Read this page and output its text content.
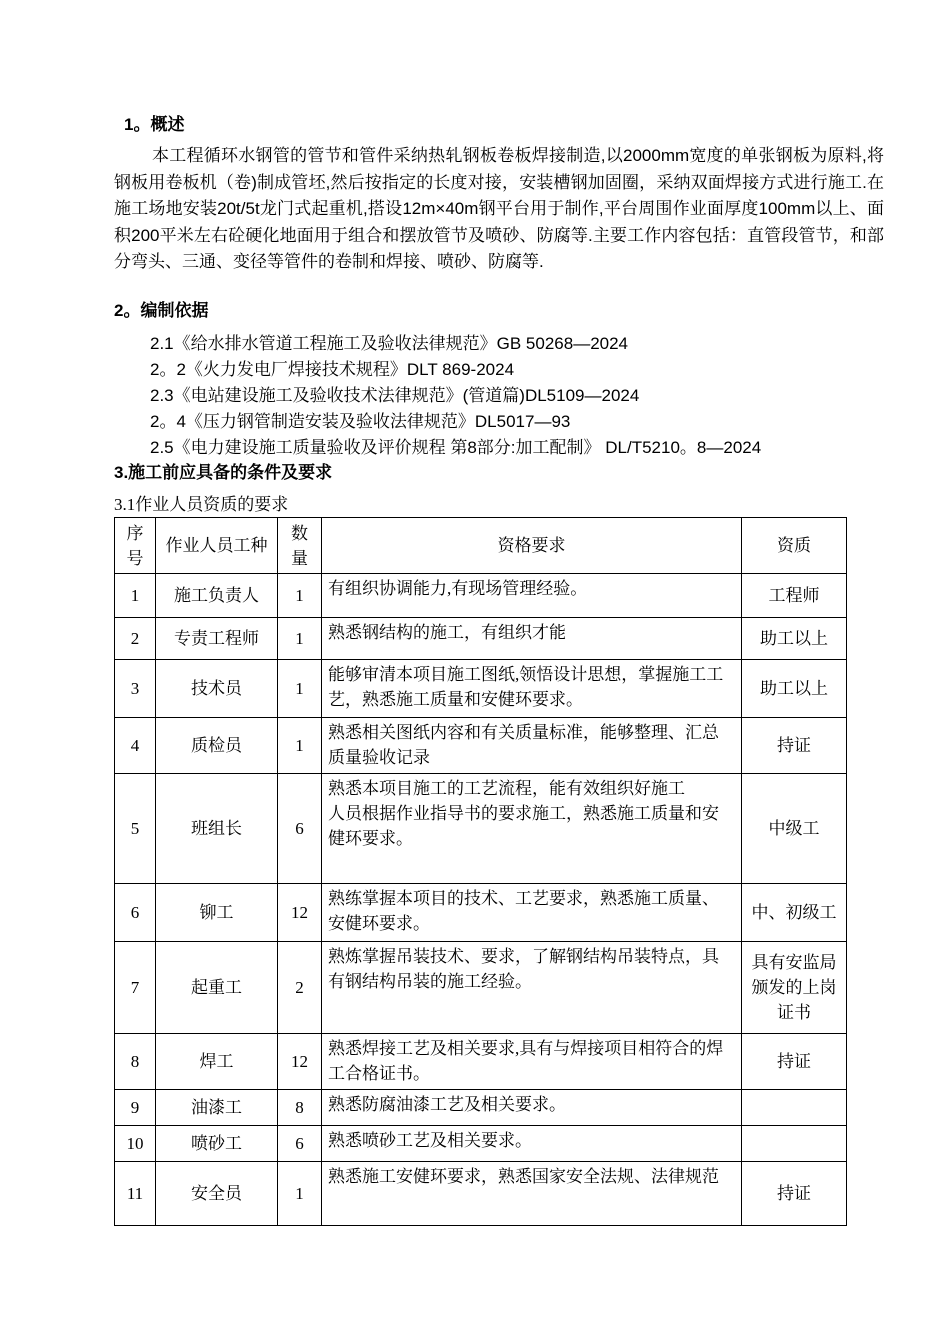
1。概述
本工程循环水钢管的管节和管件采纳热轧钢板卷板焊接制造,以2000mm宽度的单张钢板为原料,将钢板用卷板机（卷)制成管坯,然后按指定的长度对接，安装槽钢加固圈，采纳双面焊接方式进行施工.在施工场地安装20t/5t龙门式起重机,搭设12m×40m钢平台用于制作,平台周围作业面厚度100mm以上、面积200平米左右砼硬化地面用于组合和摆放管节及喷砂、防腐等.主要工作内容包括：直管段管节，和部分弯头、三通、变径等管件的卷制和焊接、喷砂、防腐等.
2。编制依据
2.1《给水排水管道工程施工及验收法律规范》GB 50268—2024
2。2《火力发电厂焊接技术规程》DLT 869-2024
2.3《电站建设施工及验收技术法律规范》(管道篇)DL5109—2024
2。4《压力钢管制造安装及验收法律规范》DL5017—93
2.5《电力建设施工质量验收及评价规程 第8部分:加工配制》 DL/T5210。8—2024
3.施工前应具备的条件及要求
3.1作业人员资质的要求
序号	作业人员工种	数量	资格要求	资质
1	施工负责人	1	有组织协调能力,有现场管理经验。	工程师
2	专责工程师	1	熟悉钢结构的施工，有组织才能	助工以上
3	技术员	1	能够审清本项目施工图纸,领悟设计思想，掌握施工工艺，熟悉施工质量和安健环要求。	助工以上
4	质检员	1	熟悉相关图纸内容和有关质量标准，能够整理、汇总质量验收记录	持证
5	班组长	6	熟悉本项目施工的工艺流程，能有效组织好施工
人员根据作业指导书的要求施工，熟悉施工质量和安健环要求。	中级工
6	铆工	12	熟练掌握本项目的技术、工艺要求，熟悉施工质量、安健环要求。	中、初级工
7	起重工	2	熟炼掌握吊装技术、要求，了解钢结构吊装特点，具有钢结构吊装的施工经验。	具有安监局颁发的上岗证书
8	焊工	12	熟悉焊接工艺及相关要求,具有与焊接项目相符合的焊工合格证书。	持证
9	油漆工	8	熟悉防腐油漆工艺及相关要求。	
10	喷砂工	6	熟悉喷砂工艺及相关要求。	
11	安全员	1	熟悉施工安健环要求，熟悉国家安全法规、法律规范	持证
